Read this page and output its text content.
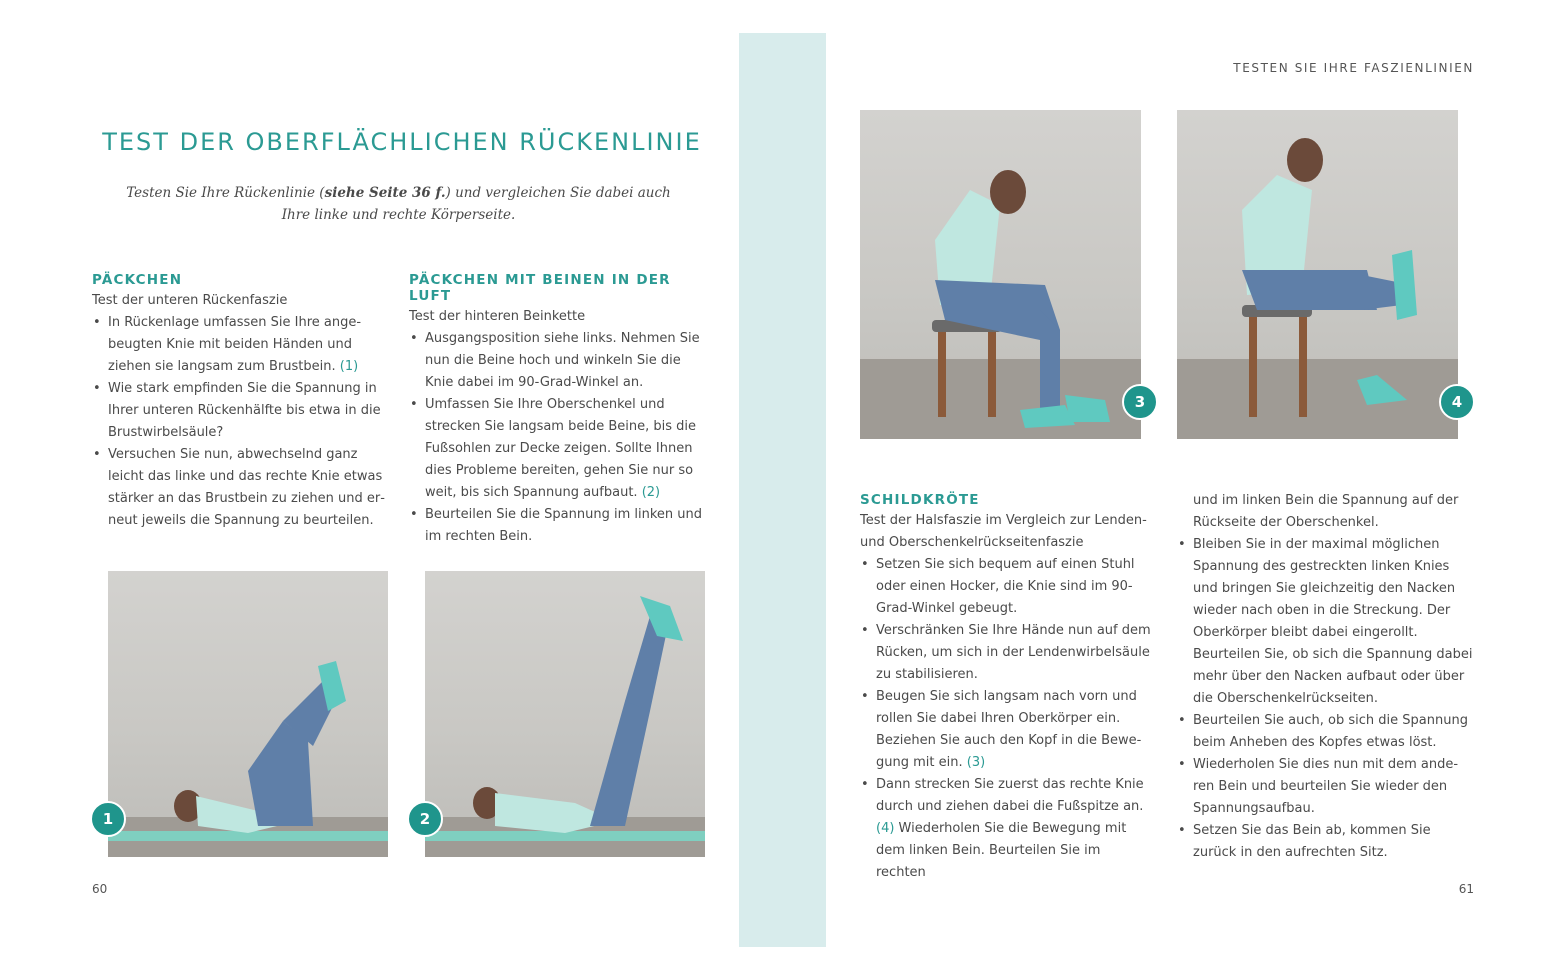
TESTEN SIE IHRE FASZIENLINIEN
TEST DER OBERFLÄCHLICHEN RÜCKENLINIE
Testen Sie Ihre Rückenlinie (siehe Seite 36 f.) und vergleichen Sie dabei auch
Ihre linke und rechte Körperseite.
PÄCKCHEN
Test der unteren Rückenfaszie
• In Rückenlage umfassen Sie Ihre angebeugten Knie mit beiden Händen und ziehen sie langsam zum Brustbein. (1)
• Wie stark empfinden Sie die Spannung in Ihrer unteren Rückenhälfte bis etwa in die Brustwirbelsäule?
• Versuchen Sie nun, abwechselnd ganz leicht das linke und das rechte Knie etwas stärker an das Brustbein zu ziehen und erneut jeweils die Spannung zu beurteilen.
PÄCKCHEN MIT BEINEN IN DER LUFT
Test der hinteren Beinkette
• Ausgangsposition siehe links. Nehmen Sie nun die Beine hoch und winkeln Sie die Knie dabei im 90-Grad-Winkel an.
• Umfassen Sie Ihre Oberschenkel und strecken Sie langsam beide Beine, bis die Fußsohlen zur Decke zeigen. Sollte Ihnen dies Probleme bereiten, gehen Sie nur so weit, bis sich Spannung aufbaut. (2)
• Beurteilen Sie die Spannung im linken und im rechten Bein.
1	2
3	4
SCHILDKRÖTE
Test der Halsfaszie im Vergleich zur Lenden- und Oberschenkelrückseitenfaszie
• Setzen Sie sich bequem auf einen Stuhl oder einen Hocker, die Knie sind im 90-Grad-Winkel gebeugt.
• Verschränken Sie Ihre Hände nun auf dem Rücken, um sich in der Lendenwirbelsäule zu stabilisieren.
• Beugen Sie sich langsam nach vorn und rollen Sie dabei Ihren Oberkörper ein. Beziehen Sie auch den Kopf in die Bewegung mit ein. (3)
• Dann strecken Sie zuerst das rechte Knie durch und ziehen dabei die Fußspitze an. (4) Wiederholen Sie die Bewegung mit dem linken Bein. Beurteilen Sie im rechten
und im linken Bein die Spannung auf der Rückseite der Oberschenkel.
• Bleiben Sie in der maximal möglichen Spannung des gestreckten linken Knies und bringen Sie gleichzeitig den Nacken wieder nach oben in die Streckung. Der Oberkörper bleibt dabei eingerollt. Beurteilen Sie, ob sich die Spannung dabei mehr über den Nacken aufbaut oder über die Oberschenkelrückseiten.
• Beurteilen Sie auch, ob sich die Spannung beim Anheben des Kopfes etwas löst.
• Wiederholen Sie dies nun mit dem anderen Bein und beurteilen Sie wieder den Spannungsaufbau.
• Setzen Sie das Bein ab, kommen Sie zurück in den aufrechten Sitz.
60	61
